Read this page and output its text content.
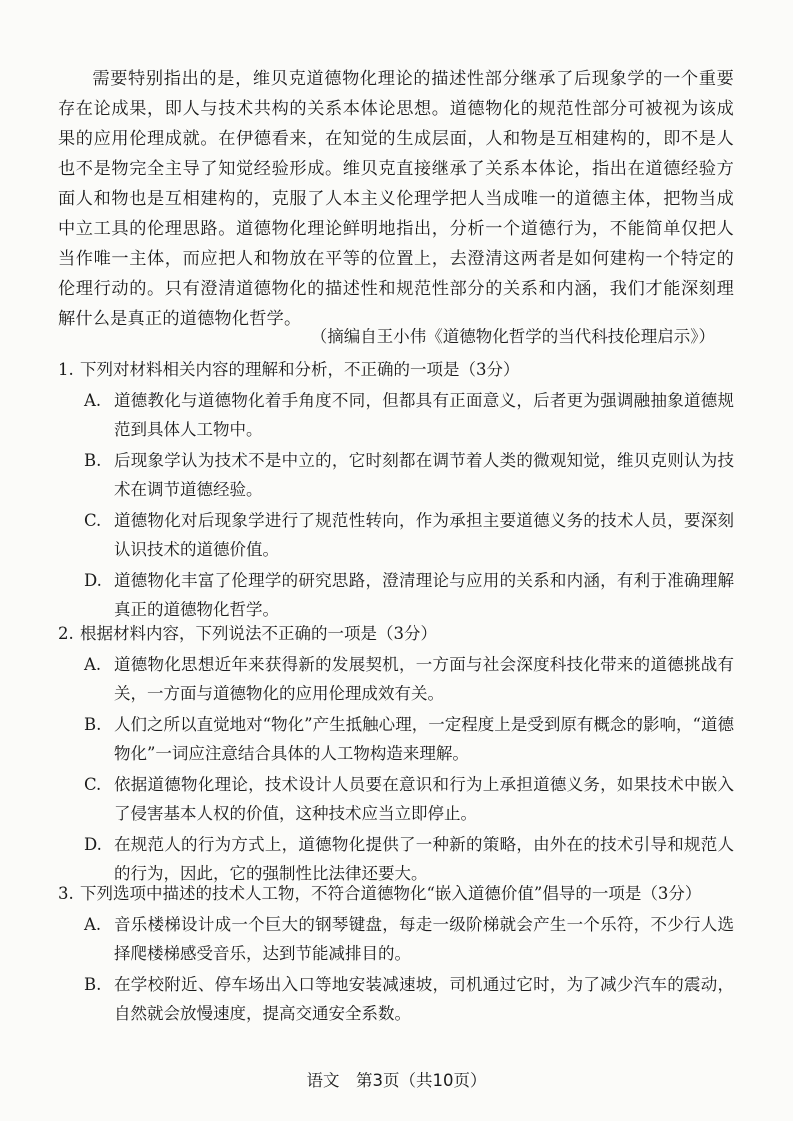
需要特别指出的是，维贝克道德物化理论的描述性部分继承了后现象学的一个重要存在论成果，即人与技术共构的关系本体论思想。道德物化的规范性部分可被视为该成果的应用伦理成就。在伊德看来，在知觉的生成层面，人和物是互相建构的，即不是人也不是物完全主导了知觉经验形成。维贝克直接继承了关系本体论，指出在道德经验方面人和物也是互相建构的，克服了人本主义伦理学把人当成唯一的道德主体，把物当成中立工具的伦理思路。道德物化理论鲜明地指出，分析一个道德行为，不能简单仅把人当作唯一主体，而应把人和物放在平等的位置上，去澄清这两者是如何建构一个特定的伦理行动的。只有澄清道德物化的描述性和规范性部分的关系和内涵，我们才能深刻理解什么是真正的道德物化哲学。

（摘编自王小伟《道德物化哲学的当代科技伦理启示》）
1. 下列对材料相关内容的理解和分析，不正确的一项是（3分）
A. 道德教化与道德物化着手角度不同，但都具有正面意义，后者更为强调融抽象道德规范到具体人工物中。
B. 后现象学认为技术不是中立的，它时刻都在调节着人类的微观知觉，维贝克则认为技术在调节道德经验。
C. 道德物化对后现象学进行了规范性转向，作为承担主要道德义务的技术人员，要深刻认识技术的道德价值。
D. 道德物化丰富了伦理学的研究思路，澄清理论与应用的关系和内涵，有利于准确理解真正的道德物化哲学。
2. 根据材料内容，下列说法不正确的一项是（3分）
A. 道德物化思想近年来获得新的发展契机，一方面与社会深度科技化带来的道德挑战有关，一方面与道德物化的应用伦理成效有关。
B. 人们之所以直觉地对“物化”产生抵触心理，一定程度上是受到原有概念的影响，“道德物化”一词应注意结合具体的人工物构造来理解。
C. 依据道德物化理论，技术设计人员要在意识和行为上承担道德义务，如果技术中嵌入了侵害基本人权的价值，这种技术应当立即停止。
D. 在规范人的行为方式上，道德物化提供了一种新的策略，由外在的技术引导和规范人的行为，因此，它的强制性比法律还要大。
3. 下列选项中描述的技术人工物，不符合道德物化“嵌入道德价值”倡导的一项是（3分）
A. 音乐楼梯设计成一个巨大的钢琴键盘，每走一级阶梯就会产生一个乐符，不少行人选择爬楼梯感受音乐，达到节能减排目的。
B. 在学校附近、停车场出入口等地安装减速坡，司机通过它时，为了减少汽车的震动，自然就会放慢速度，提高交通安全系数。
语文　第3页（共10页）
